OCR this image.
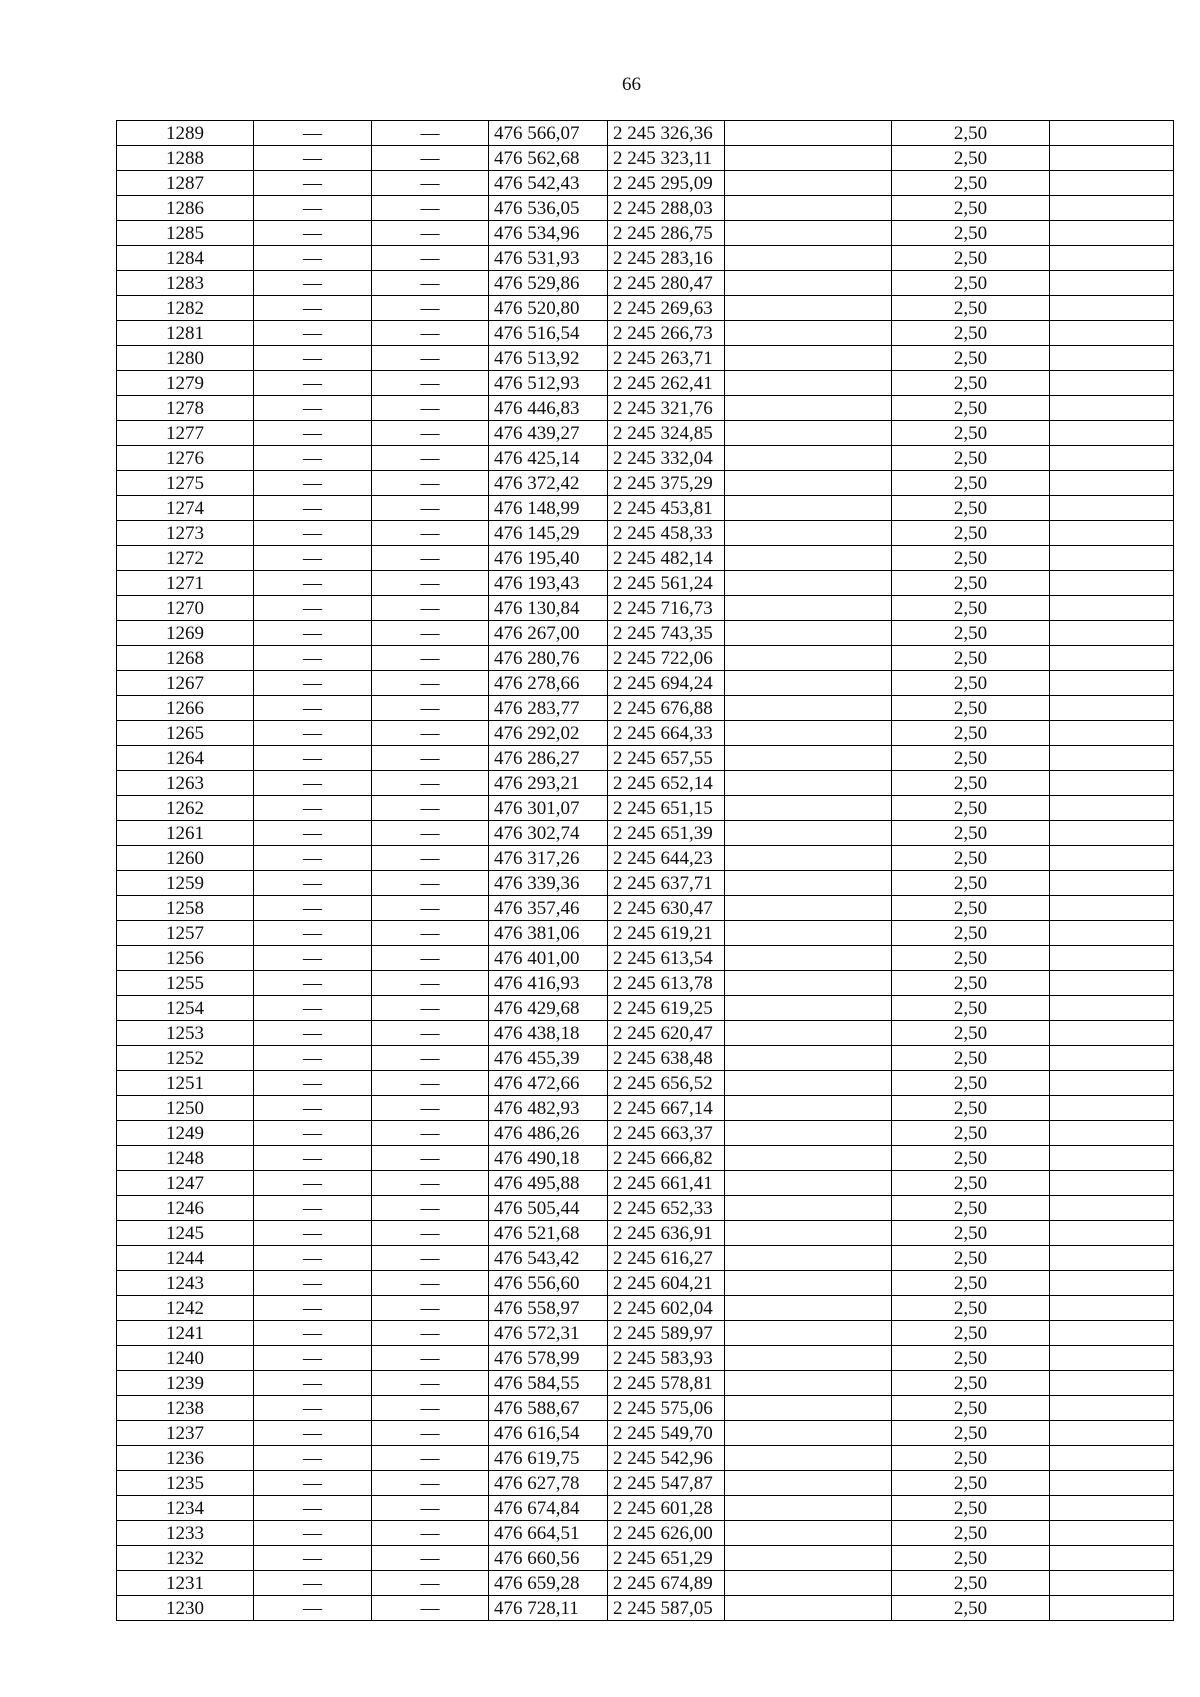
66
1289	—	—	476 566,07	2 245 326,36		2,50	
1288	—	—	476 562,68	2 245 323,11		2,50	
1287	—	—	476 542,43	2 245 295,09		2,50	
1286	—	—	476 536,05	2 245 288,03		2,50	
1285	—	—	476 534,96	2 245 286,75		2,50	
1284	—	—	476 531,93	2 245 283,16		2,50	
1283	—	—	476 529,86	2 245 280,47		2,50	
1282	—	—	476 520,80	2 245 269,63		2,50	
1281	—	—	476 516,54	2 245 266,73		2,50	
1280	—	—	476 513,92	2 245 263,71		2,50	
1279	—	—	476 512,93	2 245 262,41		2,50	
1278	—	—	476 446,83	2 245 321,76		2,50	
1277	—	—	476 439,27	2 245 324,85		2,50	
1276	—	—	476 425,14	2 245 332,04		2,50	
1275	—	—	476 372,42	2 245 375,29		2,50	
1274	—	—	476 148,99	2 245 453,81		2,50	
1273	—	—	476 145,29	2 245 458,33		2,50	
1272	—	—	476 195,40	2 245 482,14		2,50	
1271	—	—	476 193,43	2 245 561,24		2,50	
1270	—	—	476 130,84	2 245 716,73		2,50	
1269	—	—	476 267,00	2 245 743,35		2,50	
1268	—	—	476 280,76	2 245 722,06		2,50	
1267	—	—	476 278,66	2 245 694,24		2,50	
1266	—	—	476 283,77	2 245 676,88		2,50	
1265	—	—	476 292,02	2 245 664,33		2,50	
1264	—	—	476 286,27	2 245 657,55		2,50	
1263	—	—	476 293,21	2 245 652,14		2,50	
1262	—	—	476 301,07	2 245 651,15		2,50	
1261	—	—	476 302,74	2 245 651,39		2,50	
1260	—	—	476 317,26	2 245 644,23		2,50	
1259	—	—	476 339,36	2 245 637,71		2,50	
1258	—	—	476 357,46	2 245 630,47		2,50	
1257	—	—	476 381,06	2 245 619,21		2,50	
1256	—	—	476 401,00	2 245 613,54		2,50	
1255	—	—	476 416,93	2 245 613,78		2,50	
1254	—	—	476 429,68	2 245 619,25		2,50	
1253	—	—	476 438,18	2 245 620,47		2,50	
1252	—	—	476 455,39	2 245 638,48		2,50	
1251	—	—	476 472,66	2 245 656,52		2,50	
1250	—	—	476 482,93	2 245 667,14		2,50	
1249	—	—	476 486,26	2 245 663,37		2,50	
1248	—	—	476 490,18	2 245 666,82		2,50	
1247	—	—	476 495,88	2 245 661,41		2,50	
1246	—	—	476 505,44	2 245 652,33		2,50	
1245	—	—	476 521,68	2 245 636,91		2,50	
1244	—	—	476 543,42	2 245 616,27		2,50	
1243	—	—	476 556,60	2 245 604,21		2,50	
1242	—	—	476 558,97	2 245 602,04		2,50	
1241	—	—	476 572,31	2 245 589,97		2,50	
1240	—	—	476 578,99	2 245 583,93		2,50	
1239	—	—	476 584,55	2 245 578,81		2,50	
1238	—	—	476 588,67	2 245 575,06		2,50	
1237	—	—	476 616,54	2 245 549,70		2,50	
1236	—	—	476 619,75	2 245 542,96		2,50	
1235	—	—	476 627,78	2 245 547,87		2,50	
1234	—	—	476 674,84	2 245 601,28		2,50	
1233	—	—	476 664,51	2 245 626,00		2,50	
1232	—	—	476 660,56	2 245 651,29		2,50	
1231	—	—	476 659,28	2 245 674,89		2,50	
1230	—	—	476 728,11	2 245 587,05		2,50	
